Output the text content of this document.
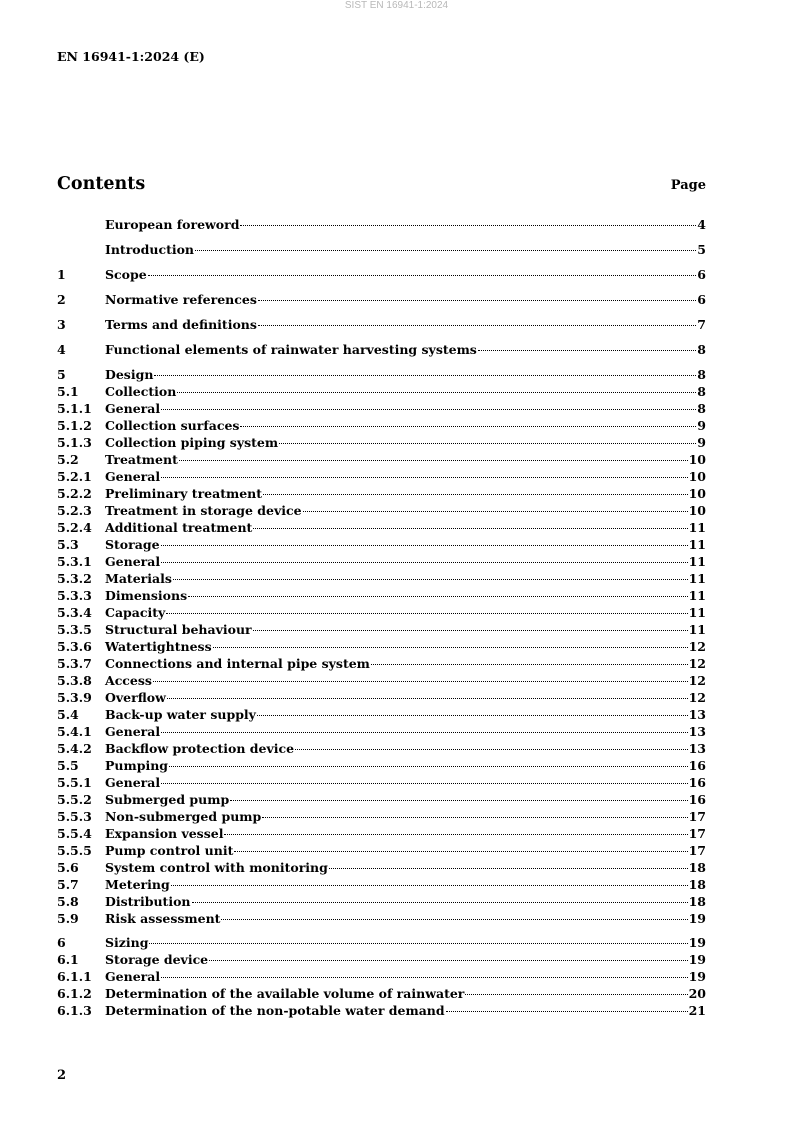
SIST EN 16941-1:2024
EN 16941-1:2024 (E)
Contents	Page
European foreword	4
Introduction	5
1	Scope	6
2	Normative references	6
3	Terms and definitions	7
4	Functional elements of rainwater harvesting systems	8
5	Design	8
5.1	Collection	8
5.1.1	General	8
5.1.2	Collection surfaces	9
5.1.3	Collection piping system	9
5.2	Treatment	10
5.2.1	General	10
5.2.2	Preliminary treatment	10
5.2.3	Treatment in storage device	10
5.2.4	Additional treatment	11
5.3	Storage	11
5.3.1	General	11
5.3.2	Materials	11
5.3.3	Dimensions	11
5.3.4	Capacity	11
5.3.5	Structural behaviour	11
5.3.6	Watertightness	12
5.3.7	Connections and internal pipe system	12
5.3.8	Access	12
5.3.9	Overflow	12
5.4	Back-up water supply	13
5.4.1	General	13
5.4.2	Backflow protection device	13
5.5	Pumping	16
5.5.1	General	16
5.5.2	Submerged pump	16
5.5.3	Non-submerged pump	17
5.5.4	Expansion vessel	17
5.5.5	Pump control unit	17
5.6	System control with monitoring	18
5.7	Metering	18
5.8	Distribution	18
5.9	Risk assessment	19
6	Sizing	19
6.1	Storage device	19
6.1.1	General	19
6.1.2	Determination of the available volume of rainwater	20
6.1.3	Determination of the non-potable water demand	21
2
